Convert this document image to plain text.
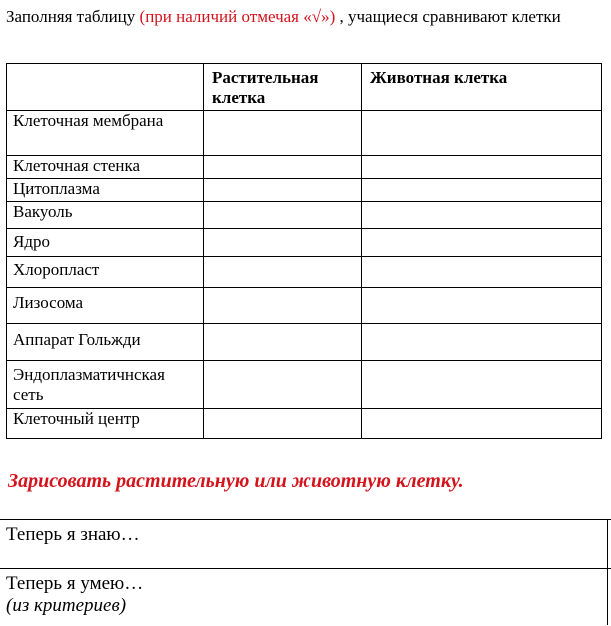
Заполняя таблицу (при наличий отмечая «√») , учащиеся сравнивают клетки
	Растительная клетка	Животная клетка
Клеточная мембрана		
Клеточная стенка		
Цитоплазма		
Вакуоль		
Ядро		
Хлоропласт		
Лизосома		
Аппарат Гольжди		
Эндоплазматичнская сеть		
Клеточный центр		
Зарисовать растительную или животную клетку.
Теперь я знаю…
Теперь я умею…
(из критериев)
